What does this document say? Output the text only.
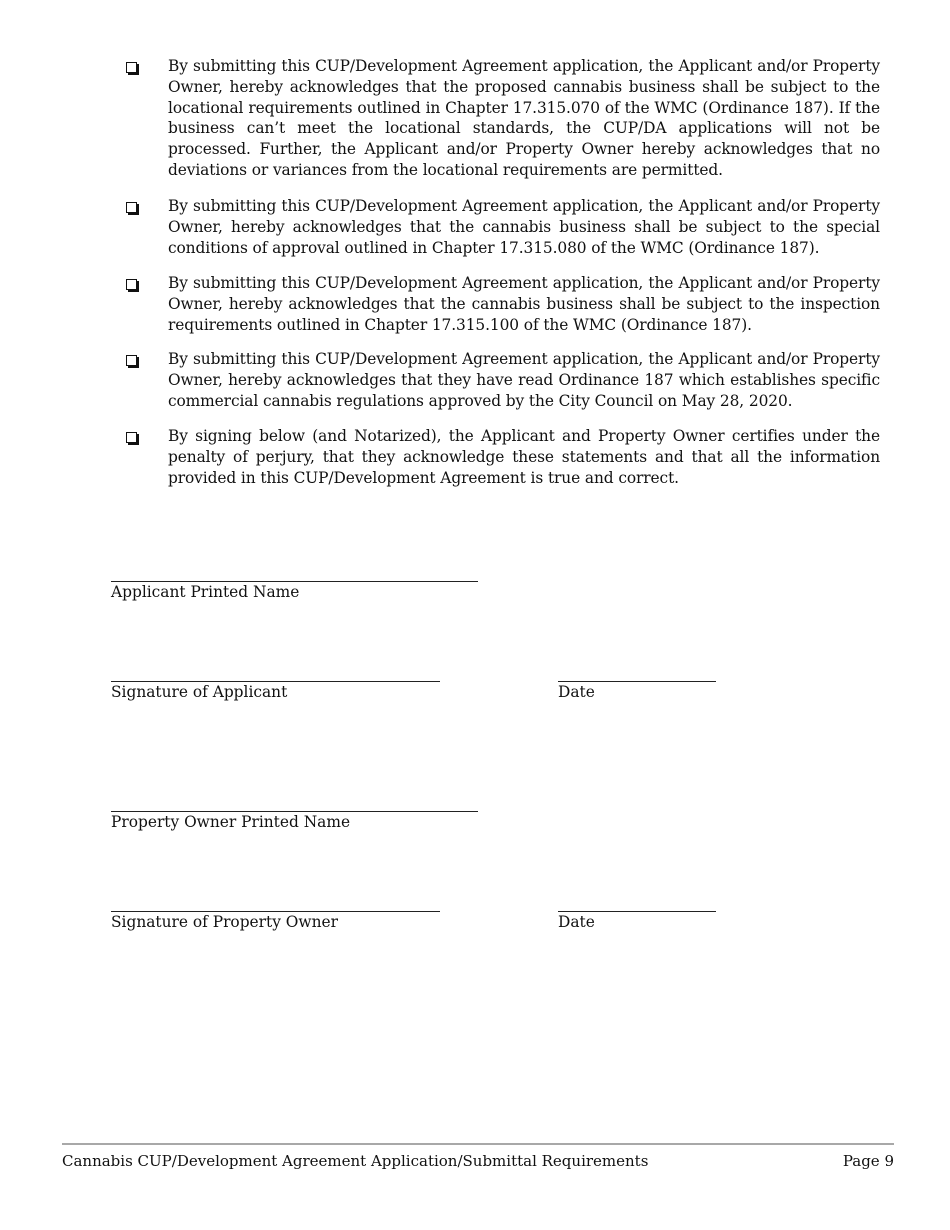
By submitting this CUP/Development Agreement application, the Applicant and/or Property Owner, hereby acknowledges that the proposed cannabis business shall be subject to the locational requirements outlined in Chapter 17.315.070 of the WMC (Ordinance 187). If the business can’t meet the locational standards, the CUP/DA applications will not be processed. Further, the Applicant and/or Property Owner hereby acknowledges that no deviations or variances from the locational requirements are permitted.
By submitting this CUP/Development Agreement application, the Applicant and/or Property Owner, hereby acknowledges that the cannabis business shall be subject to the special conditions of approval outlined in Chapter 17.315.080 of the WMC (Ordinance 187).
By submitting this CUP/Development Agreement application, the Applicant and/or Property Owner, hereby acknowledges that the cannabis business shall be subject to the inspection requirements outlined in Chapter 17.315.100 of the WMC (Ordinance 187).
By submitting this CUP/Development Agreement application, the Applicant and/or Property Owner, hereby acknowledges that they have read Ordinance 187 which establishes specific commercial cannabis regulations approved by the City Council on May 28, 2020.
By signing below (and Notarized), the Applicant and Property Owner certifies under the penalty of perjury, that they acknowledge these statements and that all the information provided in this CUP/Development Agreement is true and correct.
Applicant Printed Name
Signature of Applicant	Date
Property Owner Printed Name
Signature of Property Owner	Date
Cannabis CUP/Development Agreement Application/Submittal Requirements	Page 9
